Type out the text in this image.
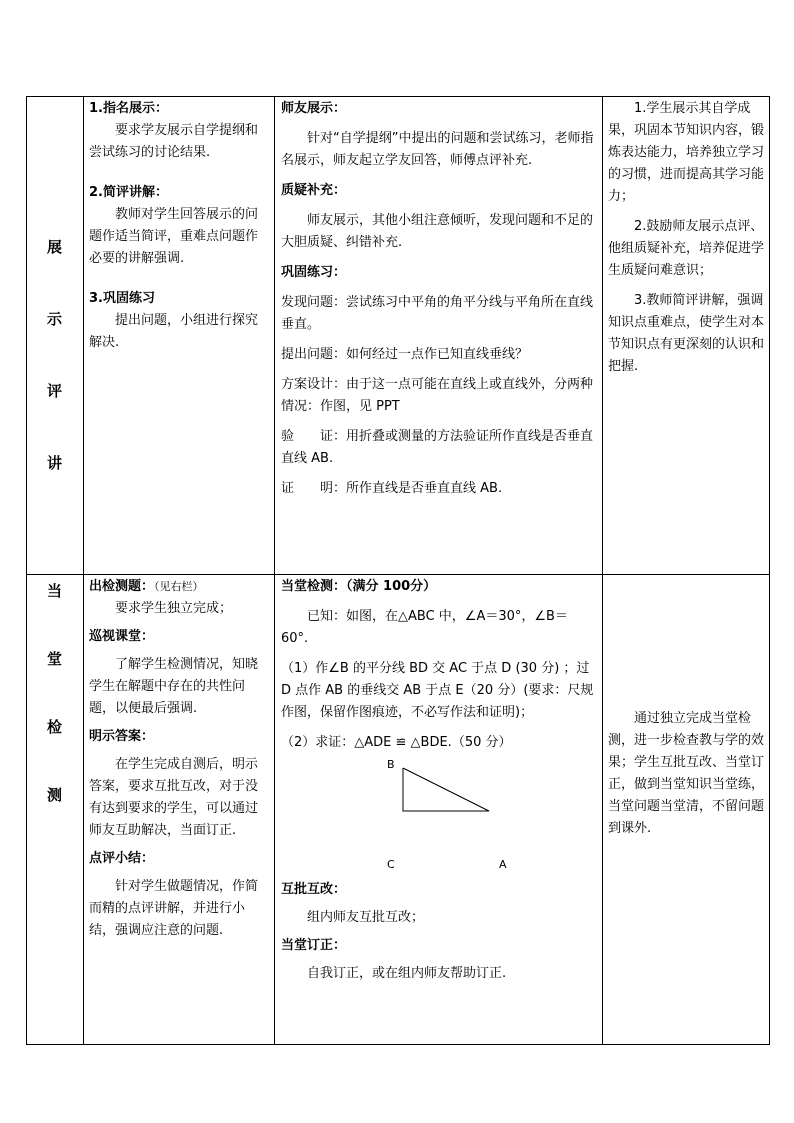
展
示
评
讲

1.指名展示：

要求学友展示自学提纲和尝试练习的讨论结果.

2.简评讲解：

教师对学生回答展示的问题作适当简评，重难点问题作必要的讲解强调.

3.巩固练习

提出问题，小组进行探究解决.

师友展示：

针对“自学提纲”中提出的问题和尝试练习，老师指名展示，师友起立学友回答，师傅点评补充.

质疑补充：

师友展示，其他小组注意倾听，发现问题和不足的大胆质疑、纠错补充.

巩固练习：

发现问题：尝试练习中平角的角平分线与平角所在直线垂直。

提出问题：如何经过一点作已知直线垂线？

方案设计：由于这一点可能在直线上或直线外，分两种情况：作图，见 PPT

验　　证：用折叠或测量的方法验证所作直线是否垂直直线 AB.

证　　明：所作直线是否垂直直线 AB.

1.学生展示其自学成果，巩固本节知识内容，锻炼表达能力，培养独立学习的习惯，进而提高其学习能力；

2.鼓励师友展示点评、他组质疑补充，培养促进学生质疑问难意识；

3.教师简评讲解，强调知识点重难点，使学生对本节知识点有更深刻的认识和把握.

当
堂
检
测

出检测题：（见右栏）

要求学生独立完成；

巡视课堂：

了解学生检测情况，知晓学生在解题中存在的共性问题，以便最后强调.

明示答案：

在学生完成自测后，明示答案，要求互批互改，对于没有达到要求的学生，可以通过师友互助解决，当面订正.

点评小结：

针对学生做题情况，作简而精的点评讲解，并进行小结，强调应注意的问题.

当堂检测：（满分 100分）

已知：如图，在△ABC 中，∠A＝30°，∠B＝60°.

（1）作∠B 的平分线 BD 交 AC 于点 D (30 分) ；过 D 点作 AB 的垂线交 AB 于点 E（20 分）(要求：尺规作图，保留作图痕迹，不必写作法和证明)；

（2）求证：△ADE ≌ △BDE.（50 分）

B
C	A

互批互改：

组内师友互批互改；

当堂订正：

自我订正，或在组内师友帮助订正.

通过独立完成当堂检测，进一步检查教与学的效果；学生互批互改、当堂订正，做到当堂知识当堂练，当堂问题当堂清，不留问题到课外.
